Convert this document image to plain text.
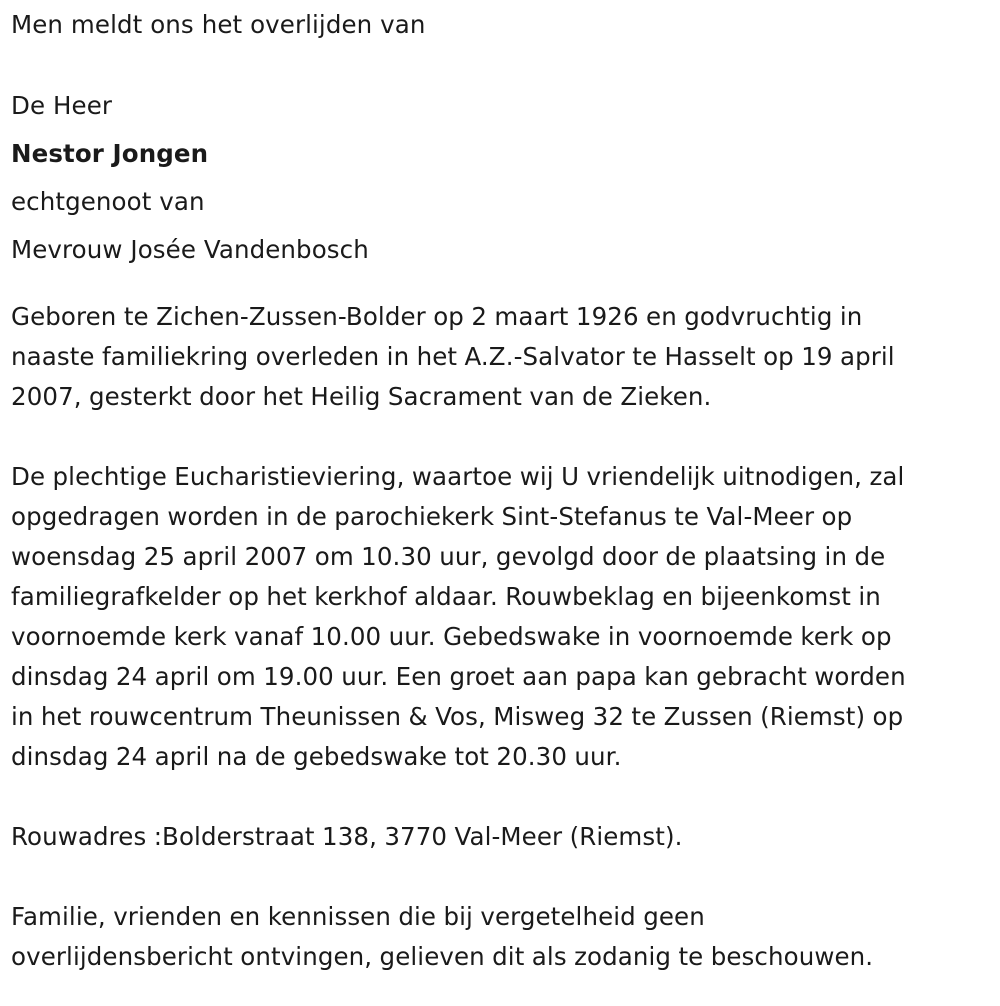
Men meldt ons het overlijden van

De Heer

Nestor Jongen

echtgenoot van

Mevrouw Josée Vandenbosch

Geboren te Zichen-Zussen-Bolder op 2 maart 1926 en godvruchtig in

naaste familiekring overleden in het A.Z.-Salvator te Hasselt op 19 april

2007, gesterkt door het Heilig Sacrament van de Zieken.

De plechtige Eucharistieviering, waartoe wij U vriendelijk uitnodigen, zal

opgedragen worden in de parochiekerk Sint-Stefanus te Val-Meer op

woensdag 25 april 2007 om 10.30 uur, gevolgd door de plaatsing in de

familiegrafkelder op het kerkhof aldaar. Rouwbeklag en bijeenkomst in

voornoemde kerk vanaf 10.00 uur. Gebedswake in voornoemde kerk op

dinsdag 24 april om 19.00 uur. Een groet aan papa kan gebracht worden

in het rouwcentrum Theunissen & Vos, Misweg 32 te Zussen (Riemst) op

dinsdag 24 april na de gebedswake tot 20.30 uur.

Rouwadres :Bolderstraat 138, 3770 Val-Meer (Riemst).

Familie, vrienden en kennissen die bij vergetelheid geen

overlijdensbericht ontvingen, gelieven dit als zodanig te beschouwen.
